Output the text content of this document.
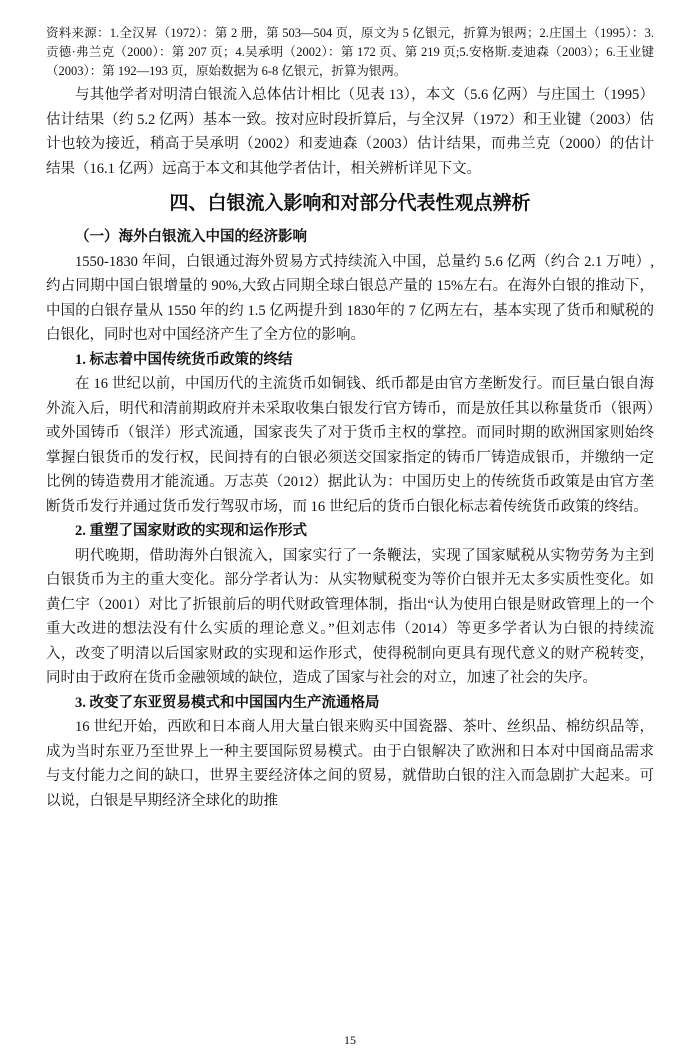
资料来源：1.全汉昇（1972）：第 2 册，第 503—504 页，原文为 5 亿银元，折算为银两；2.庄国土（1995）：3.贡德·弗兰克（2000）：第 207 页；4.吴承明（2002）：第 172 页、第 219 页;5.安格斯.麦迪森（2003）；6.王业键（2003）：第 192—193 页，原始数据为 6-8 亿银元，折算为银两。

与其他学者对明清白银流入总体估计相比（见表 13），本文（5.6 亿两）与庄国土（1995）估计结果（约 5.2 亿两）基本一致。按对应时段折算后，与全汉昇（1972）和王业键（2003）估计也较为接近，稍高于吴承明（2002）和麦迪森（2003）估计结果，而弗兰克（2000）的估计结果（16.1 亿两）远高于本文和其他学者估计，相关辨析详见下文。

四、白银流入影响和对部分代表性观点辨析
（一）海外白银流入中国的经济影响

1550-1830 年间，白银通过海外贸易方式持续流入中国，总量约 5.6 亿两（约合 2.1 万吨）,约占同期中国白银增量的 90%,大致占同期全球白银总产量的 15%左右。在海外白银的推动下，中国的白银存量从 1550 年的约 1.5 亿两提升到 1830年的 7 亿两左右，基本实现了货币和赋税的白银化，同时也对中国经济产生了全方位的影响。

1. 标志着中国传统货币政策的终结

在 16 世纪以前，中国历代的主流货币如铜钱、纸币都是由官方垄断发行。而巨量白银自海外流入后，明代和清前期政府并未采取收集白银发行官方铸币，而是放任其以称量货币（银两）或外国铸币（银洋）形式流通，国家丧失了对于货币主权的掌控。而同时期的欧洲国家则始终掌握白银货币的发行权，民间持有的白银必须送交国家指定的铸币厂铸造成银币，并缴纳一定比例的铸造费用才能流通。万志英（2012）据此认为：中国历史上的传统货币政策是由官方垄断货币发行并通过货币发行驾驭市场，而 16 世纪后的货币白银化标志着传统货币政策的终结。

2. 重塑了国家财政的实现和运作形式

明代晚期，借助海外白银流入，国家实行了一条鞭法，实现了国家赋税从实物劳务为主到白银货币为主的重大变化。部分学者认为：从实物赋税变为等价白银并无太多实质性变化。如黄仁宇（2001）对比了折银前后的明代财政管理体制，指出“认为使用白银是财政管理上的一个重大改进的想法没有什么实质的理论意义。”但刘志伟（2014）等更多学者认为白银的持续流入，改变了明清以后国家财政的实现和运作形式，使得税制向更具有现代意义的财产税转变，同时由于政府在货币金融领域的缺位，造成了国家与社会的对立，加速了社会的失序。

3. 改变了东亚贸易模式和中国国内生产流通格局

16 世纪开始，西欧和日本商人用大量白银来购买中国瓷器、茶叶、丝织品、棉纺织品等，成为当时东亚乃至世界上一种主要国际贸易模式。由于白银解决了欧洲和日本对中国商品需求与支付能力之间的缺口，世界主要经济体之间的贸易，就借助白银的注入而急剧扩大起来。可以说，白银是早期经济全球化的助推

15
